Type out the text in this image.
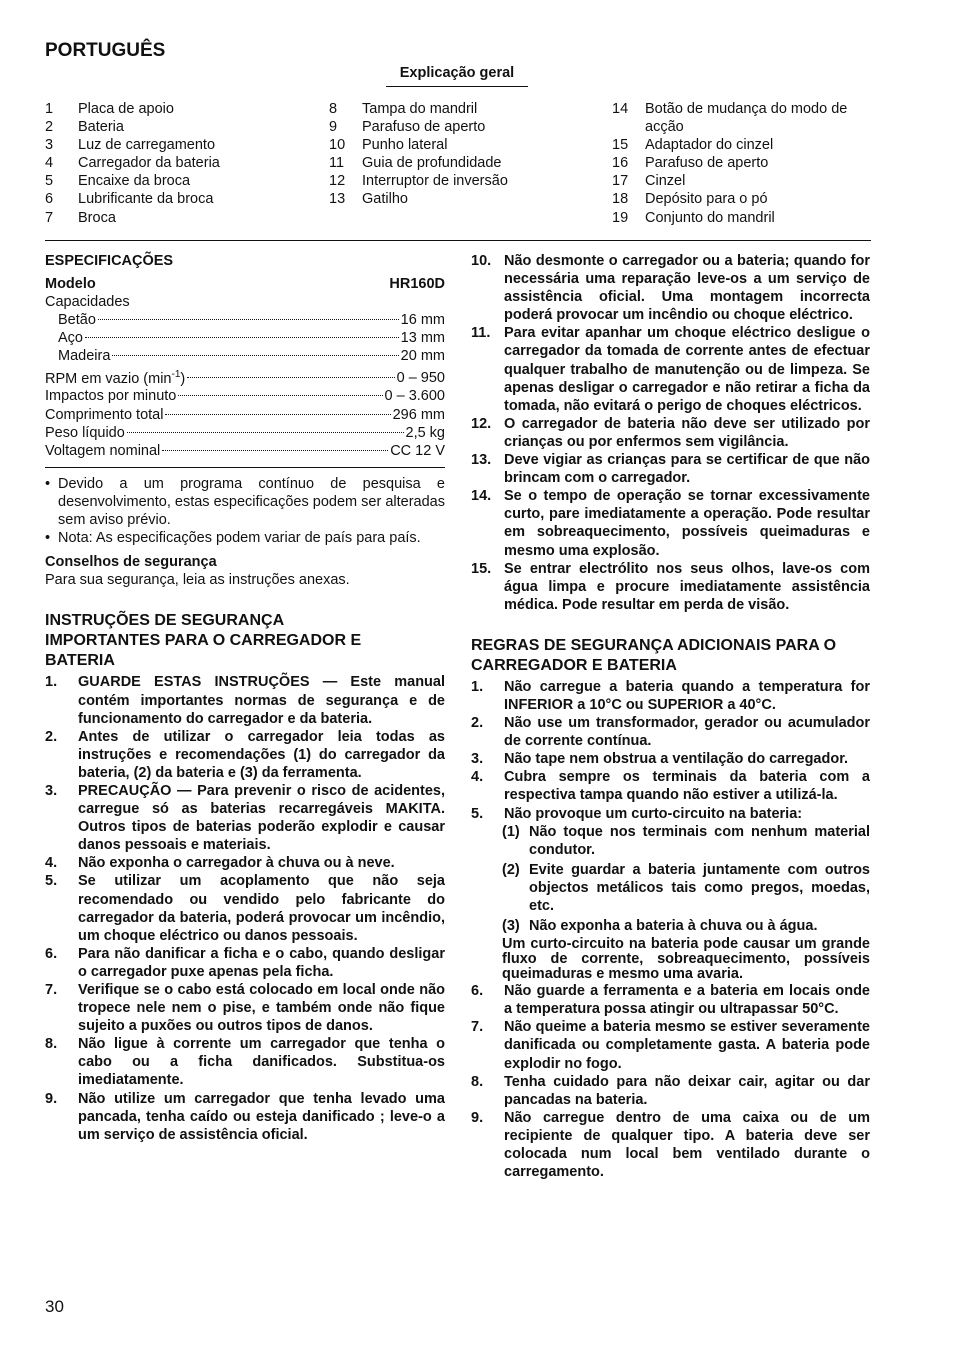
PORTUGUÊS
Explicação geral
1	Placa de apoio
2	Bateria
3	Luz de carregamento
4	Carregador da bateria
5	Encaixe da broca
6	Lubrificante da broca
7	Broca
8	Tampa do mandril
9	Parafuso de aperto
10	Punho lateral
11	Guia de profundidade
12	Interruptor de inversão
13	Gatilho
14	Botão de mudança do modo de acção
15	Adaptador do cinzel
16	Parafuso de aperto
17	Cinzel
18	Depósito para o pó
19	Conjunto do mandril
ESPECIFICAÇÕES
Modelo	HR160D
Capacidades
Betão	16 mm
Aço	13 mm
Madeira	20 mm
RPM em vazio $(\min^{-1})$	0 – 950
Impactos por minuto	0 – 3.600
Comprimento total	296 mm
Peso líquido	2,5 kg
Voltagem nominal	CC 12 V
• Devido a um programa contínuo de pesquisa e desenvolvimento, estas especificações podem ser alteradas sem aviso prévio.
• Nota: As especificações podem variar de país para país.
Conselhos de segurança
Para sua segurança, leia as instruções anexas.
INSTRUÇÕES DE SEGURANÇA IMPORTANTES PARA O CARREGADOR E BATERIA
1.	GUARDE ESTAS INSTRUÇÕES — Este manual contém importantes normas de segurança e de funcionamento do carregador e da bateria.
2.	Antes de utilizar o carregador leia todas as instruções e recomendações (1) do carregador da bateria, (2) da bateria e (3) da ferramenta.
3.	PRECAUÇÃO — Para prevenir o risco de acidentes, carregue só as baterias recarregáveis MAKITA. Outros tipos de baterias poderão explodir e causar danos pessoais e materiais.
4.	Não exponha o carregador à chuva ou à neve.
5.	Se utilizar um acoplamento que não seja recomendado ou vendido pelo fabricante do carregador da bateria, poderá provocar um incêndio, um choque eléctrico ou danos pessoais.
6.	Para não danificar a ficha e o cabo, quando desligar o carregador puxe apenas pela ficha.
7.	Verifique se o cabo está colocado em local onde não tropece nele nem o pise, e também onde não fique sujeito a puxões ou outros tipos de danos.
8.	Não ligue à corrente um carregador que tenha o cabo ou a ficha danificados. Substitua-os imediatamente.
9.	Não utilize um carregador que tenha levado uma pancada, tenha caído ou esteja danificado ; leve-o a um serviço de assistência oficial.
10. Não desmonte o carregador ou a bateria; quando for necessária uma reparação leve-os a um serviço de assistência oficial. Uma montagem incorrecta poderá provocar um incêndio ou choque eléctrico.
11. Para evitar apanhar um choque eléctrico desligue o carregador da tomada de corrente antes de efectuar qualquer trabalho de manutenção ou de limpeza. Se apenas desligar o carregador e não retirar a ficha da tomada, não evitará o perigo de choques eléctricos.
12. O carregador de bateria não deve ser utilizado por crianças ou por enfermos sem vigilância.
13. Deve vigiar as crianças para se certificar de que não brincam com o carregador.
14. Se o tempo de operação se tornar excessivamente curto, pare imediatamente a operação. Pode resultar em sobreaquecimento, possíveis queimaduras e mesmo uma explosão.
15. Se entrar electrólito nos seus olhos, lave-os com água limpa e procure imediatamente assistência médica. Pode resultar em perda de visão.
REGRAS DE SEGURANÇA ADICIONAIS PARA O CARREGADOR E BATERIA
1.	Não carregue a bateria quando a temperatura for INFERIOR a 10°C ou SUPERIOR a 40°C.
2.	Não use um transformador, gerador ou acumulador de corrente contínua.
3.	Não tape nem obstrua a ventilação do carregador.
4.	Cubra sempre os terminais da bateria com a respectiva tampa quando não estiver a utilizá-la.
5.	Não provoque um curto-circuito na bateria:
(1) Não toque nos terminais com nenhum material condutor.
(2) Evite guardar a bateria juntamente com outros objectos metálicos tais como pregos, moedas, etc.
(3) Não exponha a bateria à chuva ou à água.
Um curto-circuito na bateria pode causar um grande fluxo de corrente, sobreaquecimento, possíveis queimaduras e mesmo uma avaria.
6.	Não guarde a ferramenta e a bateria em locais onde a temperatura possa atingir ou ultrapassar 50°C.
7.	Não queime a bateria mesmo se estiver severamente danificada ou completamente gasta. A bateria pode explodir no fogo.
8.	Tenha cuidado para não deixar cair, agitar ou dar pancadas na bateria.
9.	Não carregue dentro de uma caixa ou de um recipiente de qualquer tipo. A bateria deve ser colocada num local bem ventilado durante o carregamento.
30
